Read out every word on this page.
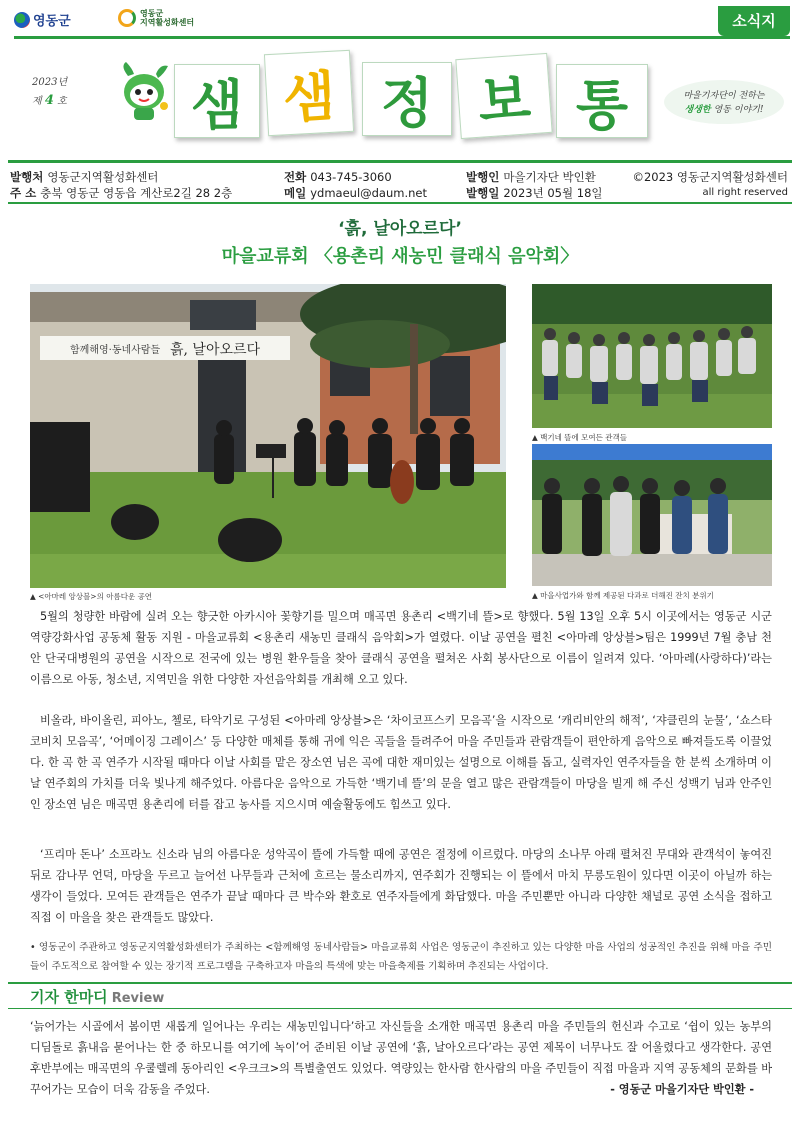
영동군
영동군
지역활성화센터	소식지
2023년
제 4 호	샘 샘 정 보 통	마을기자단이 전하는
생생한 영동 이야기!
발행처 영동군지역활성화센터
주 소 충북 영동군 영동읍 계산로2길 28 2층
전화 043-745-3060
메일 ydmaeul@daum.net
발행인 마을기자단 박인환
발행일 2023년 05월 18일
©2023 영동군지역활성화센터
all right reserved
‘흙, 날아오르다’
마을교류회 〈용촌리 새농민 클래식 음악회〉
함께해영·동네사람들 흙, 날아오르다
▲ <아마레 앙상블>의 아름다운 공연
▲ 백기네 뜰에 모여든 관객들
▲ 마을사업가와 함께 제공된 다과로 더해진 잔치 분위기

5월의 청량한 바람에 실려 오는 향긋한 아카시아 꽃향기를 밀으며 매곡면 용촌리 <백기네 뜰>로 향했다. 5월 13일 오후 5시 이곳에서는 영동군 시군역량강화사업 공동체 활동 지원 - 마을교류회 <용촌리 새농민 클래식 음악회>가 열렸다. 이날 공연을 펼친 <아마레 앙상블>팀은 1999년 7월 충남 천안 단국대병원의 공연을 시작으로 전국에 있는 병원 환우들을 찾아 클래식 공연을 펼쳐온 사회 봉사단으로 이름이 일려져 있다. ‘아마레(사랑하다)’라는 이름으로 아동, 청소년, 지역민을 위한 다양한 자선음악회를 개최해 오고 있다.

비올라, 바이올린, 피아노, 첼로, 타악기로 구성된 <아마레 앙상블>은 ‘차이코프스키 모음곡’을 시작으로 ‘캐리비안의 해적’, ‘쟈클린의 눈물’, ‘쇼스타코비치 모음곡’, ‘어메이징 그레이스’ 등 다양한 매체를 통해 귀에 익은 곡들을 들려주어 마을 주민들과 관람객들이 편안하게 음악으로 빠져들도록 이끌었다. 한 곡 한 곡 연주가 시작될 때마다 이날 사회를 맡은 장소연 님은 곡에 대한 재미있는 설명으로 이해를 돕고, 실력자인 연주자들을 한 분씩 소개하며 이 날 연주회의 가치를 더욱 빛나게 해주었다. 아름다운 음악으로 가득한 ‘백기네 뜰’의 문을 열고 많은 관람객들이 마당을 빌게 해 주신 성백기 님과 안주인인 장소연 님은 매곡면 용촌리에 터를 잡고 농사를 지으시며 예술활동에도 힘쓰고 있다.

‘프리마 돈나’ 소프라노 신소라 님의 아름다운 성악곡이 뜰에 가득할 때에 공연은 절정에 이르렀다. 마당의 소나무 아래 펼쳐진 무대와 관객석이 놓여진 뒤로 감나무 언덕, 마당을 두르고 늘어선 나무들과 근처에 흐르는 물소리까지, 연주회가 진행되는 이 뜰에서 마치 무릉도원이 있다면 이곳이 아닐까 하는 생각이 들었다. 모여든 관객들은 연주가 끝날 때마다 큰 박수와 환호로 연주자들에게 화답했다. 마을 주민뿐만 아니라 다양한 채널로 공연 소식을 접하고 직접 이 마을을 찾은 관객들도 많았다.

• 영동군이 주관하고 영동군지역활성화센터가 주최하는 <함께해영 동네사람들> 마을교류회 사업은 영동군이 추진하고 있는 다양한 마을 사업의 성공적인 추진을 위해 마을 주민들이 주도적으로 참여할 수 있는 장기적 프로그램을 구축하고자 마을의 특색에 맞는 마을축제를 기획하며 추진되는 사업이다.

기자 한마디 Review

‘늙어가는 시골에서 봄이면 새롭게 일어나는 우리는 새농민입니다’하고 자신들을 소개한 매곡면 용촌리 마을 주민들의 헌신과 수고로 ‘쉽이 있는 농부의 디딤돌로 흙내음 묻어나는 한 중 하모니를 여기에 녹이’어 준비된 이날 공연에 ‘흙, 날아오르다’라는 공연 제목이 너무나도 잘 어울렸다고 생각한다. 공연 후반부에는 매곡면의 우쿨렐레 동아리인 <우크크>의 특별출연도 있었다. 역량있는 한사람 한사람의 마을 주민들이 직접 마을과 지역 공동체의 문화를 바꾸어가는 모습이 더욱 감동을 주었다.	- 영동군 마을기자단 박인환 -
